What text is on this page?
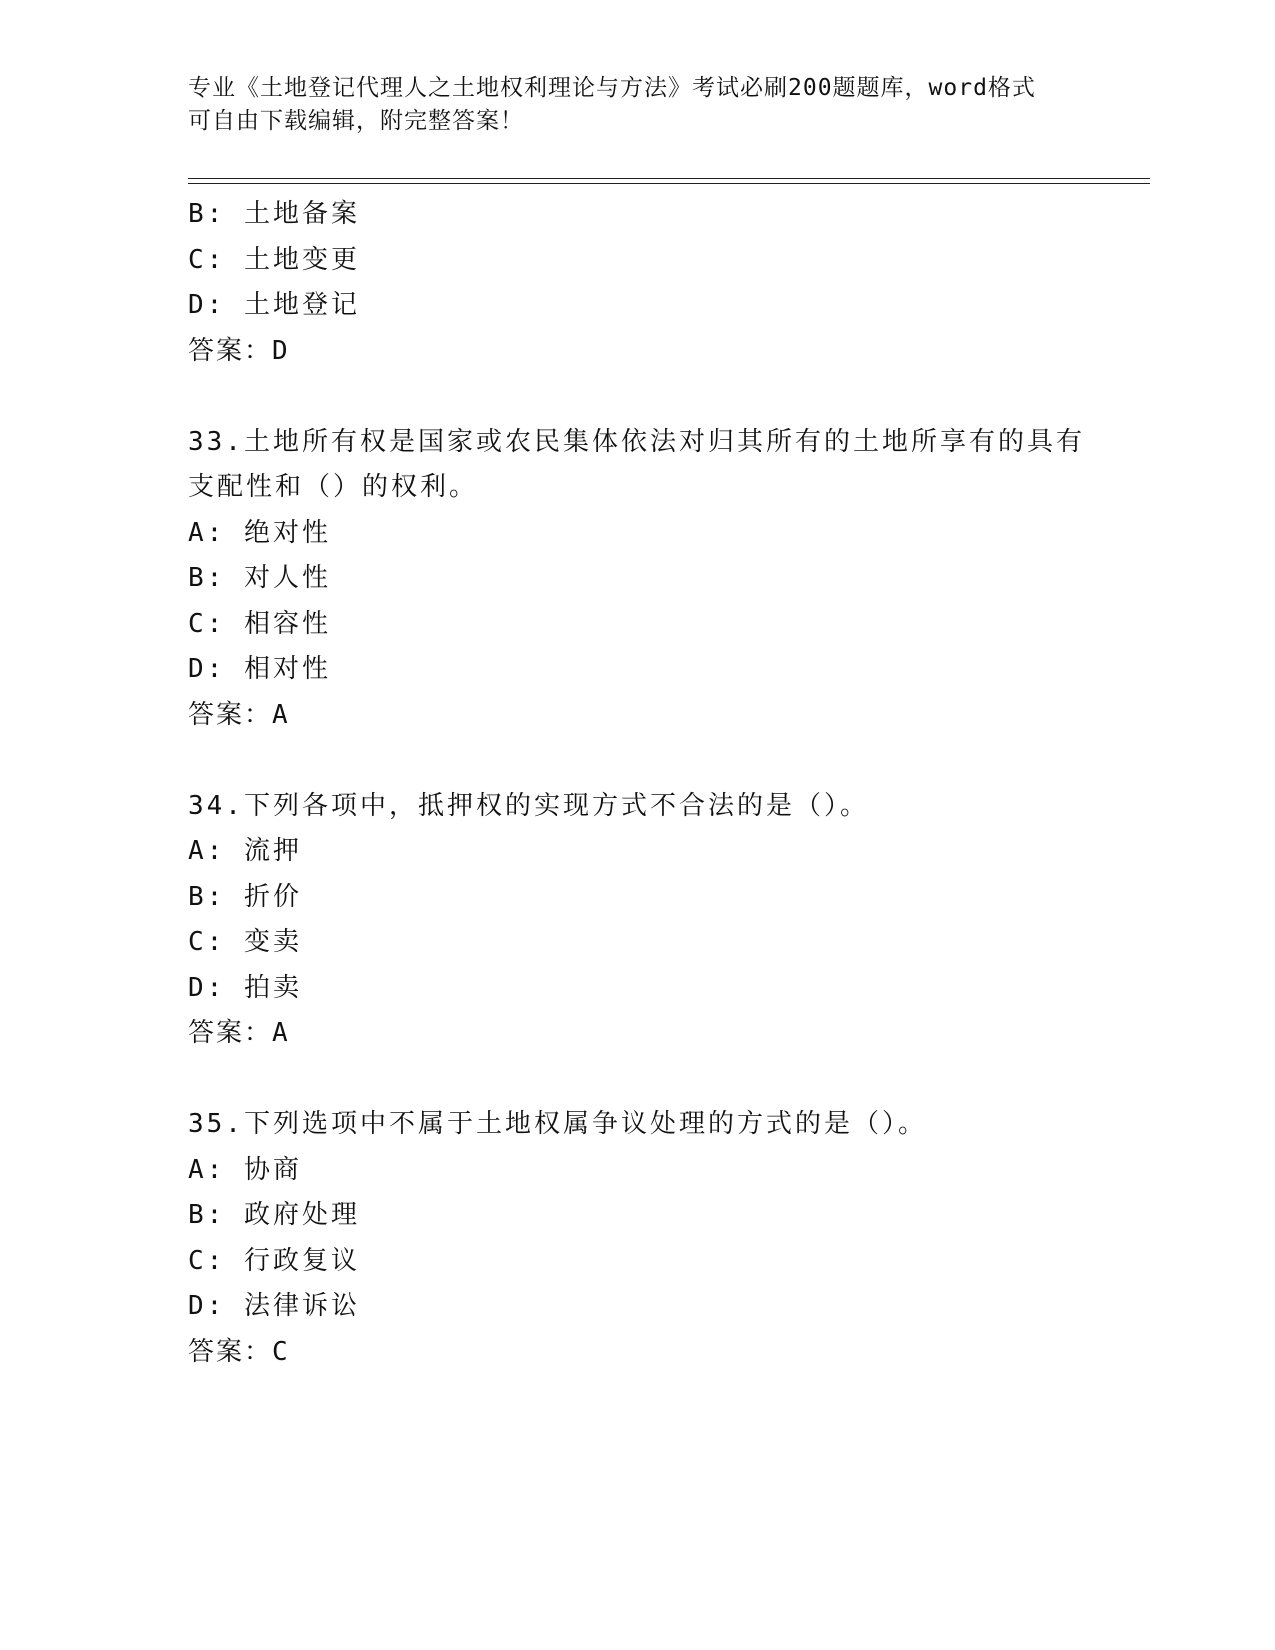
专业《土地登记代理人之土地权利理论与方法》考试必刷200题题库，word格式
可自由下载编辑，附完整答案！
B: 土地备案
C: 土地变更
D: 土地登记
答案：D
33.土地所有权是国家或农民集体依法对归其所有的土地所享有的具有
支配性和（）的权利。
A: 绝对性
B: 对人性
C: 相容性
D: 相对性
答案：A
34.下列各项中，抵押权的实现方式不合法的是（）。
A: 流押
B: 折价
C: 变卖
D: 拍卖
答案：A
35.下列选项中不属于土地权属争议处理的方式的是（）。
A: 协商
B: 政府处理
C: 行政复议
D: 法律诉讼
答案：C
